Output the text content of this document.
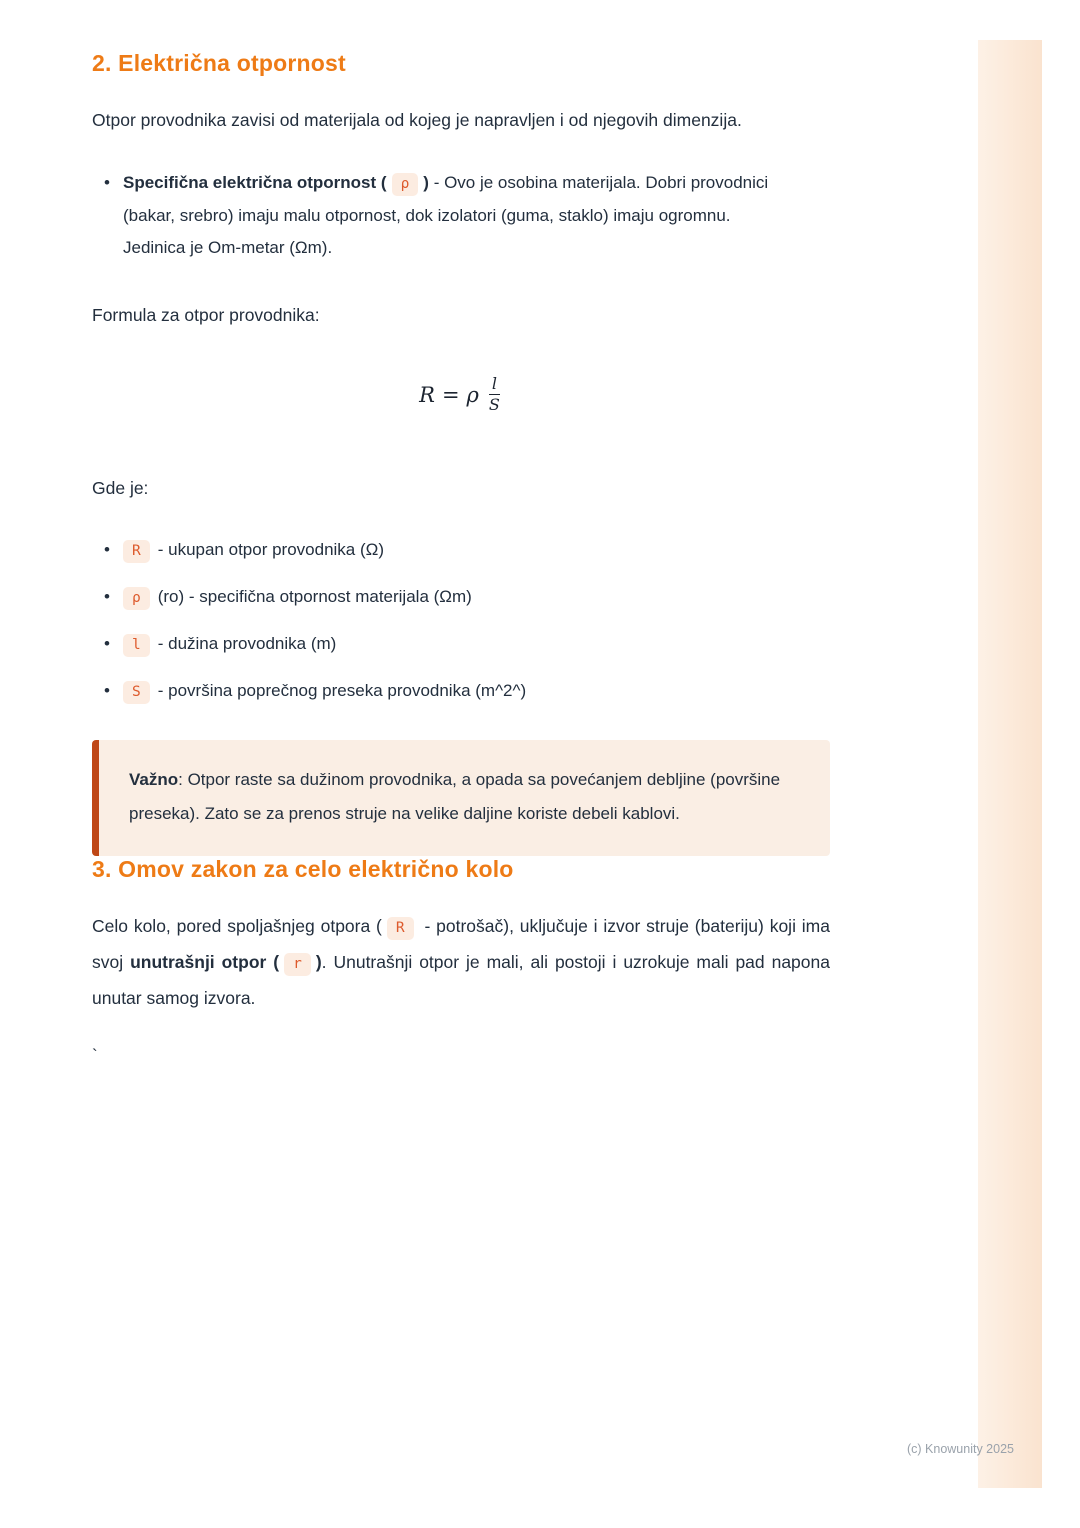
2. Električna otpornost

Otpor provodnika zavisi od materijala od kojeg je napravljen i od njegovih dimenzija.

• Specifična električna otpornost ( ρ ) - Ovo je osobina materijala. Dobri provodnici (bakar, srebro) imaju malu otpornost, dok izolatori (guma, staklo) imaju ogromnu. Jedinica je Om-metar (Ωm).

Formula za otpor provodnika:

R = ρ $\frac{l}{S}$

Gde je:

• R - ukupan otpor provodnika (Ω)
• ρ (ro) - specifična otpornost materijala (Ωm)
• l - dužina provodnika (m)
• S - površina poprečnog preseka provodnika (m^2^)
Važno: Otpor raste sa dužinom provodnika, a opada sa povećanjem debljine (površine preseka). Zato se za prenos struje na velike daljine koriste debeli kablovi.
3. Omov zakon za celo električno kolo

Celo kolo, pored spoljašnjeg otpora ( R - potrošač), uključuje i izvor struje (bateriju) koji ima svoj unutrašnji otpor ( r ). Unutrašnji otpor je mali, ali postoji i uzrokuje mali pad napona unutar samog izvora.

`

(c) Knowunity 2025
